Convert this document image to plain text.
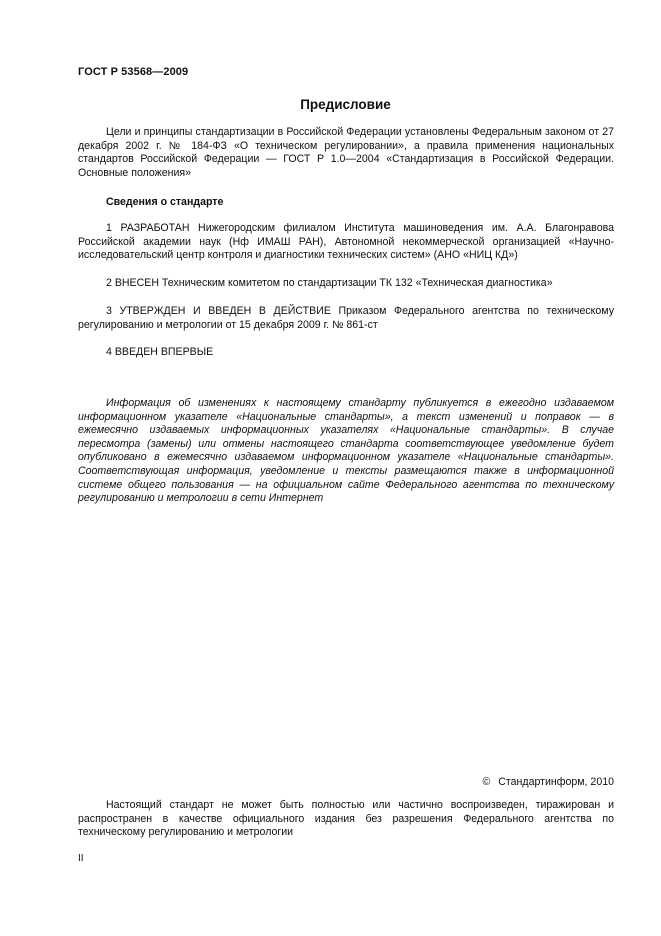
ГОСТ Р 53568—2009
Предисловие

Цели и принципы стандартизации в Российской Федерации установлены Федеральным законом от 27 декабря 2002 г. № 184-ФЗ «О техническом регулировании», а правила применения национальных стандартов Российской Федерации — ГОСТ Р 1.0—2004 «Стандартизация в Российской Федерации. Основные положения»

Сведения о стандарте

1 РАЗРАБОТАН Нижегородским филиалом Института машиноведения им. А.А. Благонравова Российской академии наук (Нф ИМАШ РАН), Автономной некоммерческой организацией «Научно-исследовательский центр контроля и диагностики технических систем» (АНО «НИЦ КД»)

2 ВНЕСЕН Техническим комитетом по стандартизации ТК 132 «Техническая диагностика»

3 УТВЕРЖДЕН И ВВЕДЕН В ДЕЙСТВИЕ Приказом Федерального агентства по техническому регулированию и метрологии от 15 декабря 2009 г. № 861-ст

4 ВВЕДЕН ВПЕРВЫЕ

Информация об изменениях к настоящему стандарту публикуется в ежегодно издаваемом информационном указателе «Национальные стандарты», а текст изменений и поправок — в ежемесячно издаваемых информационных указателях «Национальные стандарты». В случае пересмотра (замены) или отмены настоящего стандарта соответствующее уведомление будет опубликовано в ежемесячно издаваемом информационном указателе «Национальные стандарты». Соответствующая информация, уведомление и тексты размещаются также в информационной системе общего пользования — на официальном сайте Федерального агентства по техническому регулированию и метрологии в сети Интернет

© Стандартинформ, 2010

Настоящий стандарт не может быть полностью или частично воспроизведен, тиражирован и распространен в качестве официального издания без разрешения Федерального агентства по техническому регулированию и метрологии

II
